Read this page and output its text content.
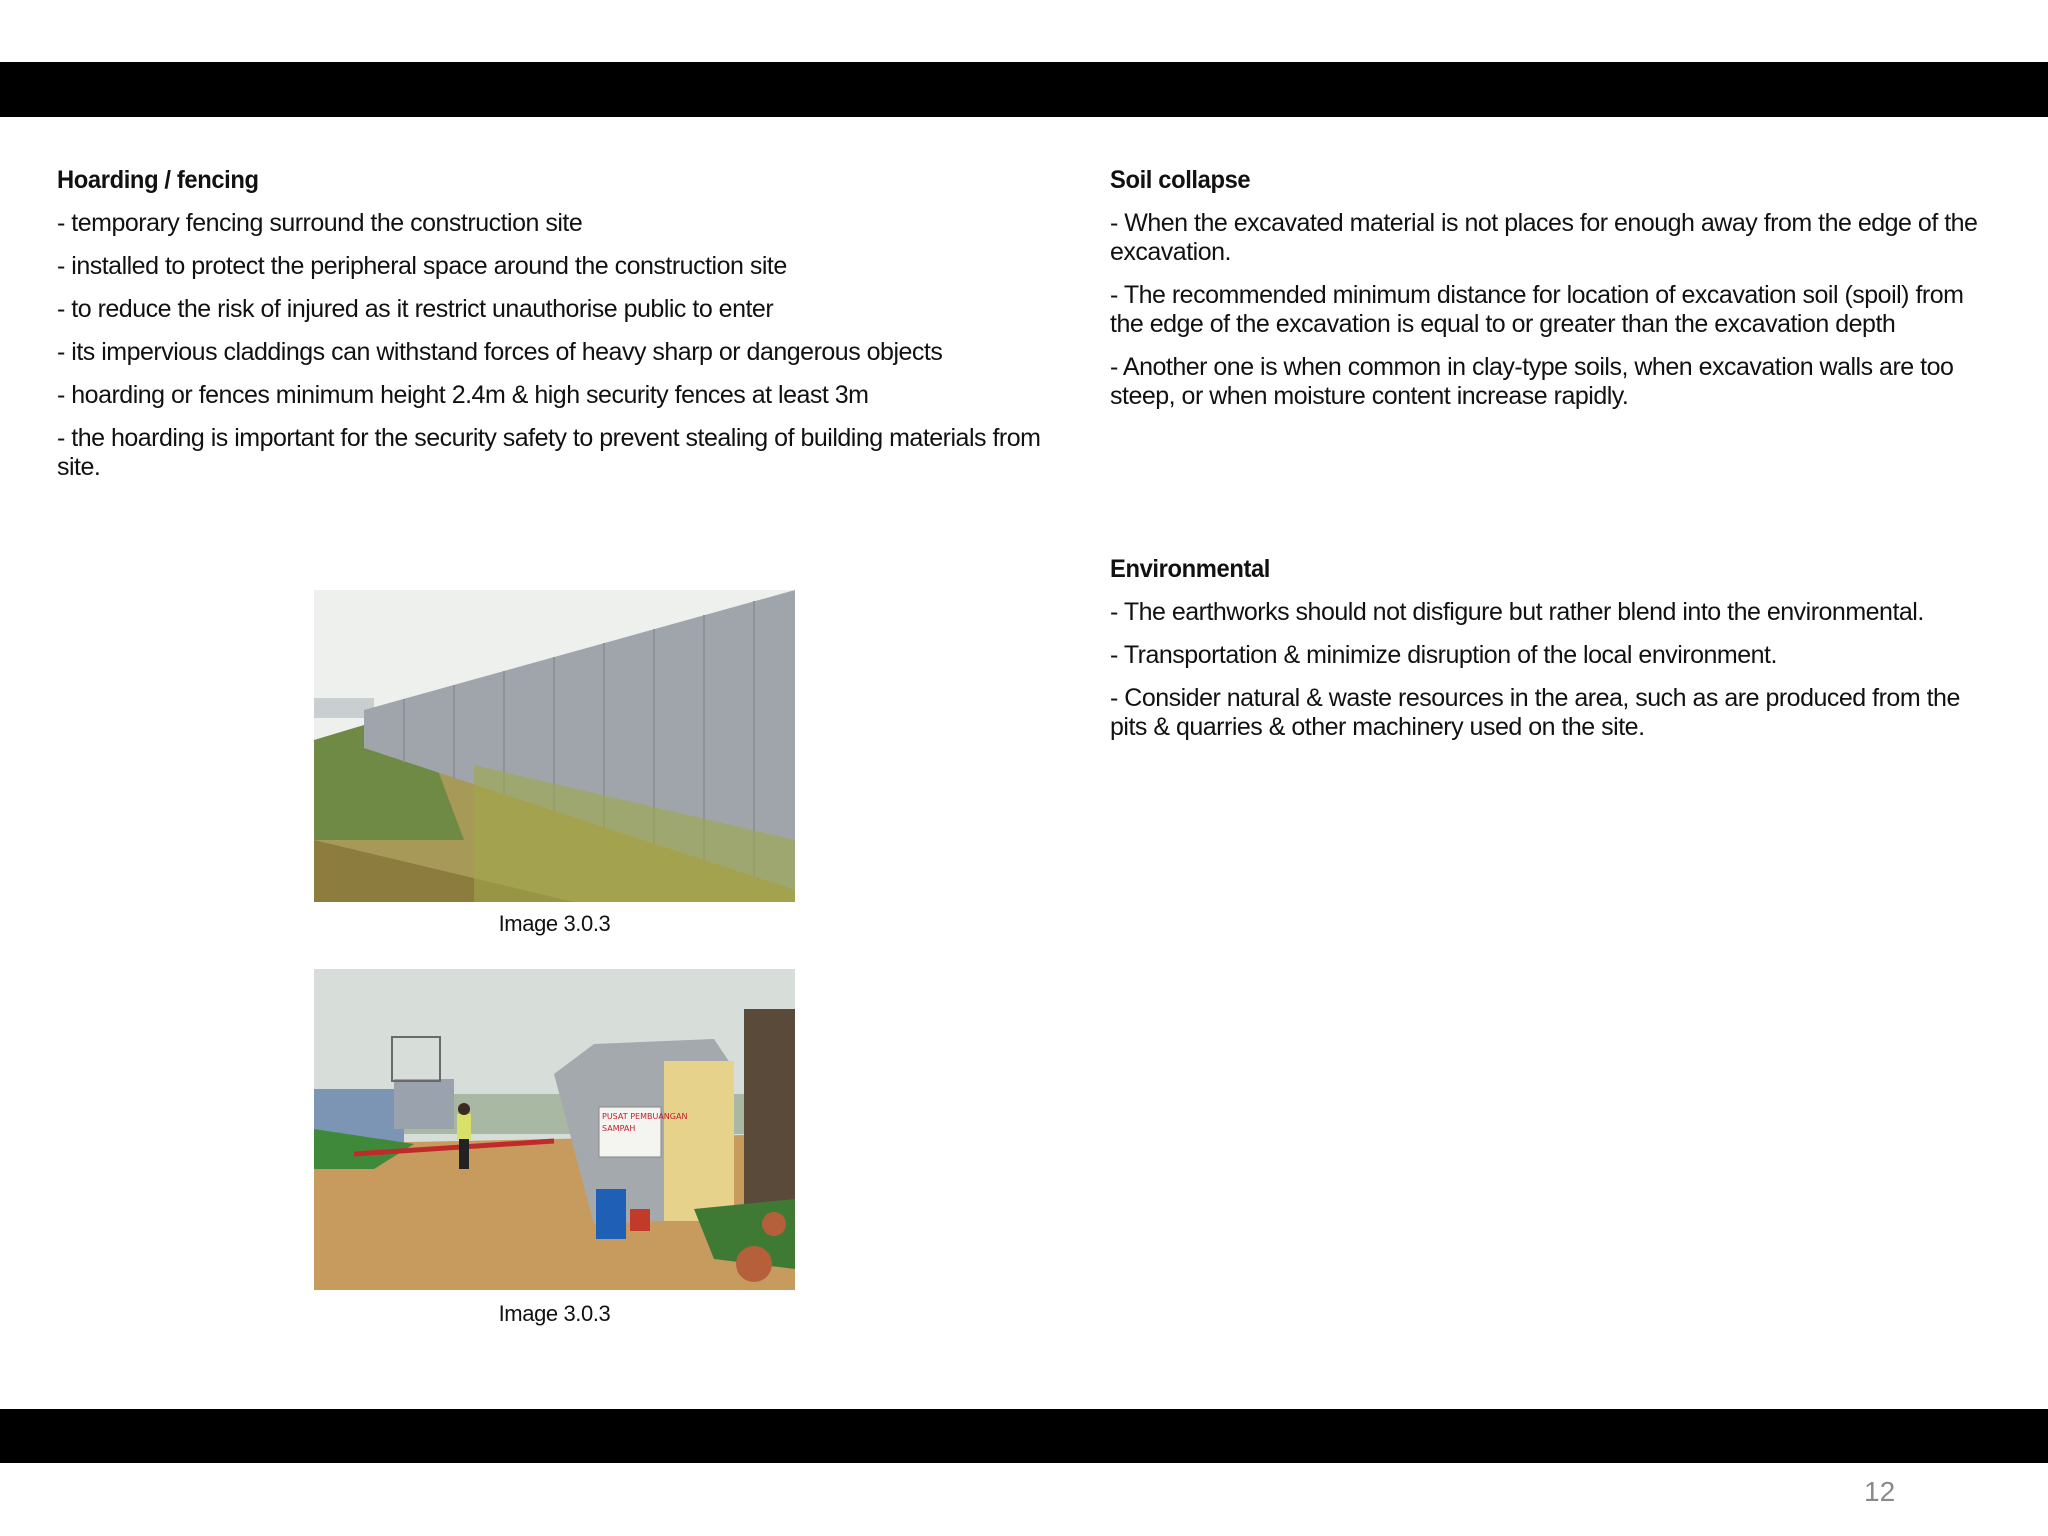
Hoarding / fencing
- temporary fencing surround the construction site
- installed to protect the peripheral space around the construction site
- to reduce the risk of injured as it restrict unauthorise public to enter
- its impervious claddings can withstand forces of heavy sharp or dangerous objects
- hoarding or fences minimum height 2.4m & high security fences at least 3m
- the hoarding is important for the security safety to prevent stealing of building materials from site.
Image 3.0.3
PUSAT PEMBUANGAN
SAMPAH
Image 3.0.3
Soil collapse
- When the excavated material is not places for enough away from the edge of the excavation.
- The recommended minimum distance for location of excavation soil (spoil) from the edge of the excavation is equal to or greater than the excavation depth
- Another one is when common in clay-type soils, when excavation walls are too steep, or when moisture content increase rapidly.
Environmental
- The earthworks should not disfigure but rather blend into the environmental.
- Transportation & minimize disruption of the local environment.
- Consider natural & waste resources in the area, such as are produced from the pits & quarries & other machinery used on the site.
12
